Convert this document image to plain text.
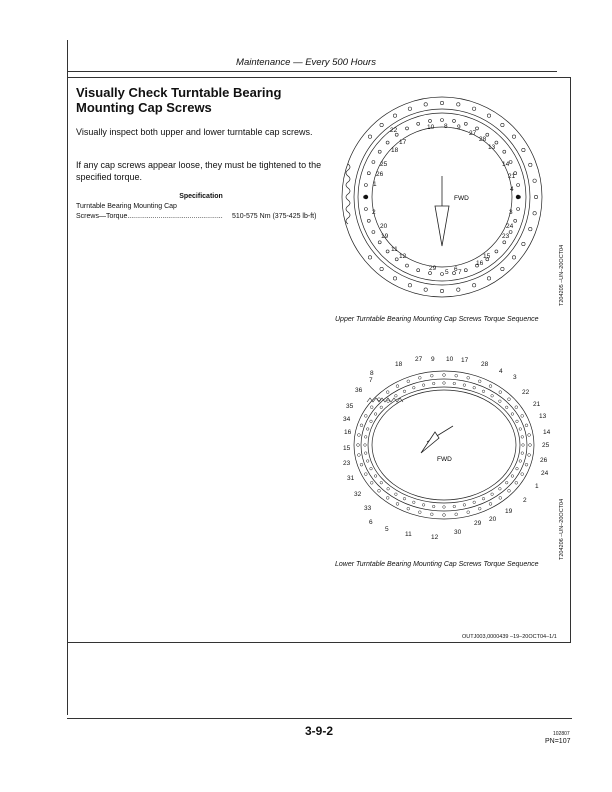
Maintenance — Every 500 Hours
Visually Check Turntable Bearing Mounting Cap Screws
Visually inspect both upper and lower turntable cap screws.
If any cap screws appear loose, they must be tightened to the specified torque.
Specification
Turntable Bearing Mounting Cap
Screws—Torque................................................. 510-575 Nm (375-425 lb-ft)
FWD
22	10 8 9
27
17	28
18	13
25	14
26	21
1
4
2	3
20	24
19	23
11
15
12
16
29	6
5 7	T204205 –UN–20OCT04
Upper Turntable Bearing Mounting Cap Screws Torque Sequence
FWD
27 9 10 17
28
18
8	4
7	3
36	22
35	21
34	13
16	14
15	25
23	26
31
24
32
1
33
2
6
19
5
20
11	12
30
29	T204206 –UN–20OCT04
Lower Turntable Bearing Mounting Cap Screws Torque Sequence
OUTJ003,0000439 –19–20OCT04–1/1
3-9-2	102807
PN=107
